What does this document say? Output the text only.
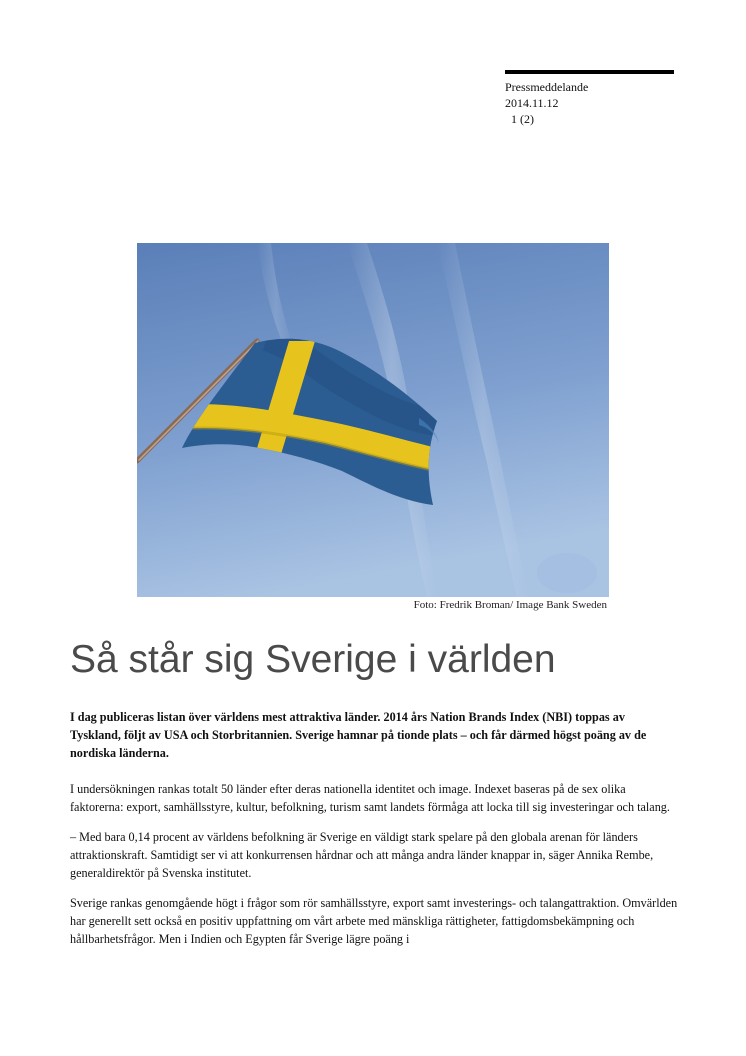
Pressmeddelande
2014.11.12
1 (2)
Foto: Fredrik Broman/ Image Bank Sweden
Så står sig Sverige i världen

I dag publiceras listan över världens mest attraktiva länder. 2014 års Nation Brands Index (NBI) toppas av Tyskland, följt av USA och Storbritannien. Sverige hamnar på tionde plats – och får därmed högst poäng av de nordiska länderna.

I undersökningen rankas totalt 50 länder efter deras nationella identitet och image. Indexet baseras på de sex olika faktorerna: export, samhällsstyre, kultur, befolkning, turism samt landets förmåga att locka till sig investeringar och talang.

– Med bara 0,14 procent av världens befolkning är Sverige en väldigt stark spelare på den globala arenan för länders attraktionskraft. Samtidigt ser vi att konkurrensen hårdnar och att många andra länder knappar in, säger Annika Rembe, generaldirektör på Svenska institutet.

Sverige rankas genomgående högt i frågor som rör samhällsstyre, export samt investerings- och talangattraktion. Omvärlden har generellt sett också en positiv uppfattning om vårt arbete med mänskliga rättigheter, fattigdomsbekämpning och hållbarhetsfrågor. Men i Indien och Egypten får Sverige lägre poäng i
